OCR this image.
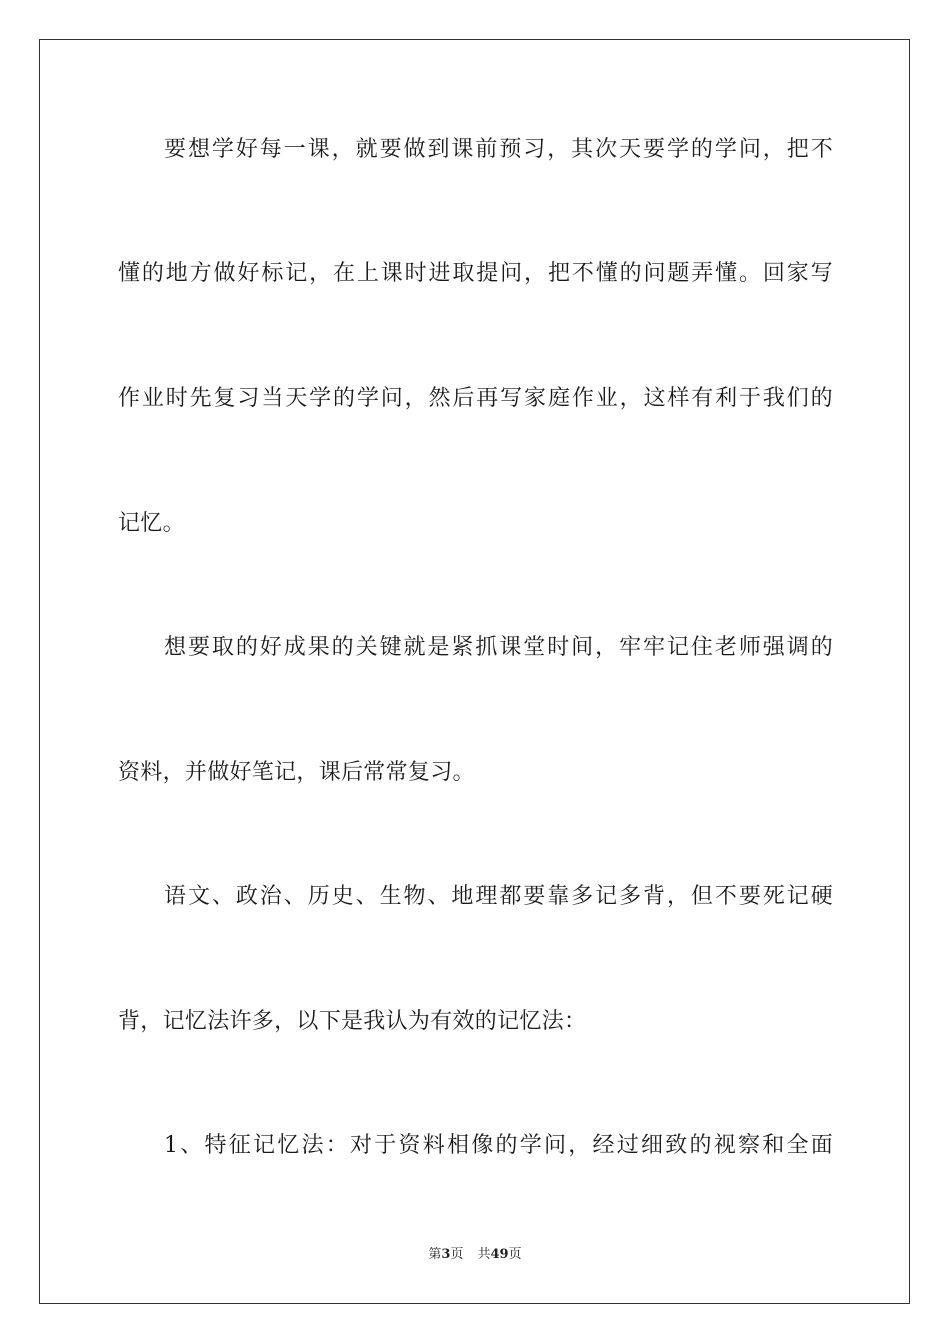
要想学好每一课，就要做到课前预习，其次天要学的学问，把不
懂的地方做好标记，在上课时进取提问，把不懂的问题弄懂。回家写
作业时先复习当天学的学问，然后再写家庭作业，这样有利于我们的
记忆。
想要取的好成果的关键就是紧抓课堂时间，牢牢记住老师强调的
资料，并做好笔记，课后常常复习。
语文、政治、历史、生物、地理都要靠多记多背，但不要死记硬
背，记忆法许多，以下是我认为有效的记忆法：
1、特征记忆法：对于资料相像的学问，经过细致的视察和全面
第3页 共49页
